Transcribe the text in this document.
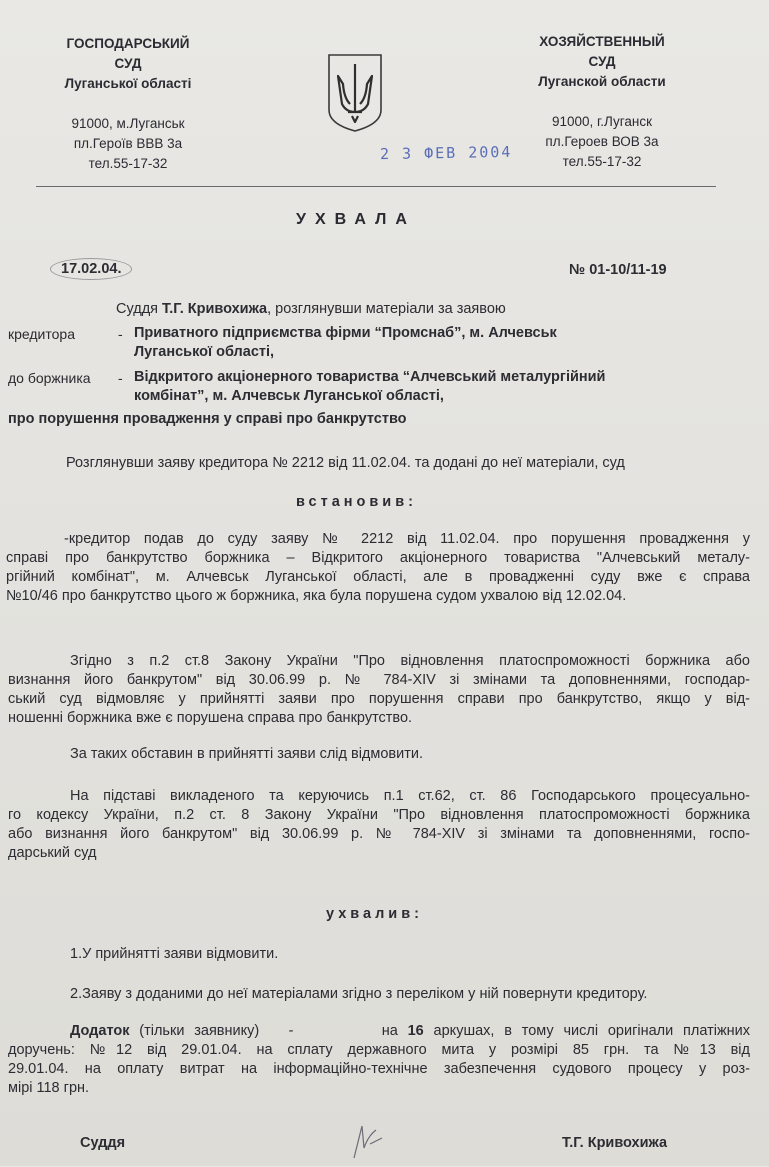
ГОСПОДАРСЬКИЙ
СУД
Луганської області
91000, м.Луганськ
пл.Героїв ВВВ 3а
тел.55-17-32
ХОЗЯЙСТВЕННЫЙ
СУД
Луганской области
91000, г.Луганск
пл.Героев ВОВ 3а
тел.55-17-32
2 3 ФЕВ 2004
УХВАЛА
17.02.04.	№ 01-10/11-19
Суддя Т.Г. Кривохижа, розглянувши матеріали за заявою
кредитора	- Приватного підприємства фірми “Промснаб”, м. Алчевськ
Луганської області,
до боржника - Відкритого акціонерного товариства “Алчевський металургійний
комбінат”, м. Алчевськ Луганської області,
про порушення провадження у справі про банкрутство
Розглянувши заяву кредитора № 2212 від 11.02.04. та додані до неї матеріали, суд
встановив:
-кредитор подав до суду заяву № 2212 від 11.02.04. про порушення провадження у
справі про банкрутство боржника – Відкритого акціонерного товариства "Алчевський металу-
ргійний комбінат", м. Алчевськ Луганської області, але в провадженні суду вже є справа
№10/46 про банкрутство цього ж боржника, яка була порушена судом ухвалою від 12.02.04.
Згідно з п.2 ст.8 Закону України "Про відновлення платоспроможності боржника або
визнання його банкрутом" від 30.06.99 р. № 784-XIV зі змінами та доповненнями, господар-
ський суд відмовляє у прийнятті заяви про порушення справи про банкрутство, якщо у від-
ношенні боржника вже є порушена справа про банкрутство.
За таких обставин в прийнятті заяви слід відмовити.
На підставі викладеного та керуючись п.1 ст.62, ст. 86 Господарського процесуально-
го кодексу України, п.2 ст. 8 Закону України "Про відновлення платоспроможності боржника
або визнання його банкрутом" від 30.06.99 р. № 784-XIV зі змінами та доповненнями, госпо-
дарський суд
ухвалив:
1.У прийнятті заяви відмовити.
2.Заяву з доданими до неї матеріалами згідно з переліком у ній повернути кредитору.
Додаток (тільки заявнику) -	на 16 аркушах, в тому числі оригінали платіжних
доручень: №12 від 29.01.04. на сплату державного мита у розмірі 85 грн. та №13 від
29.01.04. на оплату витрат на інформаційно-технічне забезпечення судового процесу у роз-
мірі 118 грн.
Суддя	Т.Г. Кривохижа
